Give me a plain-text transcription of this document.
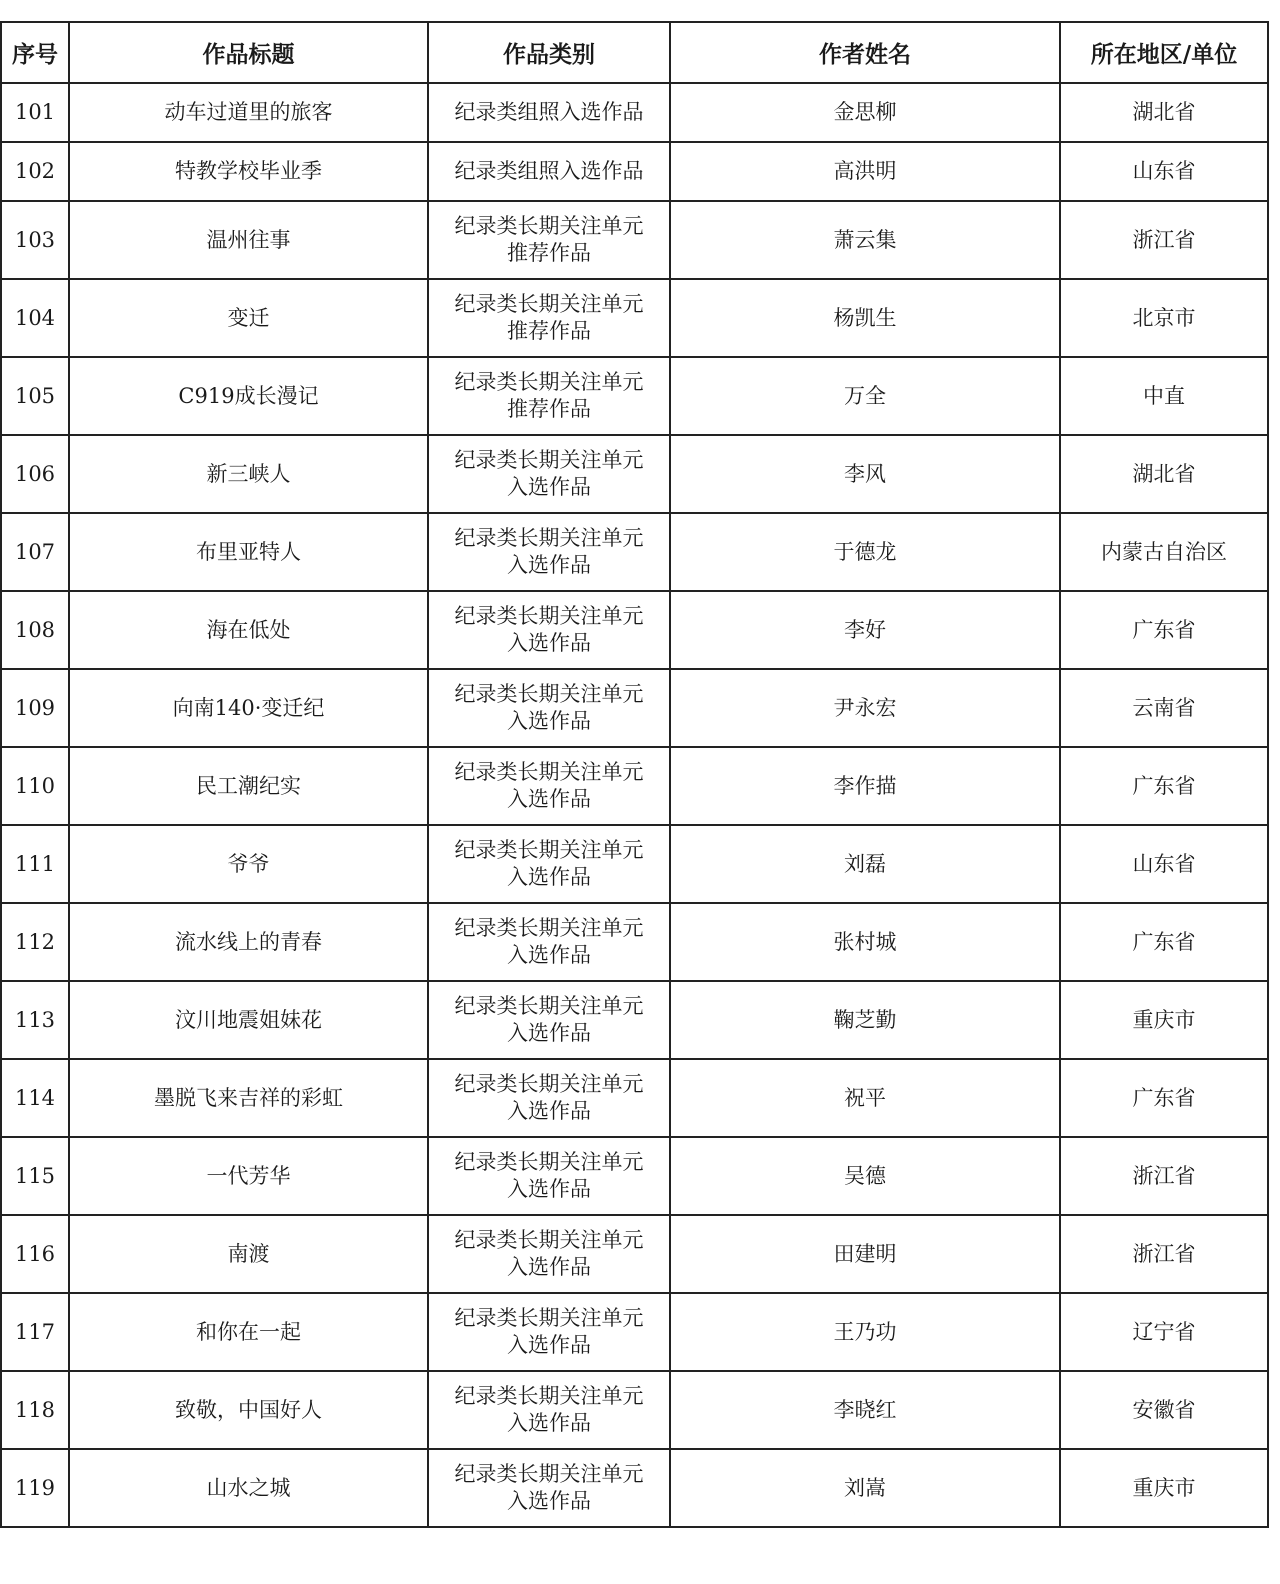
序号	作品标题	作品类别	作者姓名	所在地区/单位
101	动车过道里的旅客	纪录类组照入选作品	金思柳	湖北省
102	特教学校毕业季	纪录类组照入选作品	高洪明	山东省
103	温州往事	纪录类长期关注单元
推荐作品	萧云集	浙江省
104	变迁	纪录类长期关注单元
推荐作品	杨凯生	北京市
105	C919成长漫记	纪录类长期关注单元
推荐作品	万全	中直
106	新三峡人	纪录类长期关注单元
入选作品	李风	湖北省
107	布里亚特人	纪录类长期关注单元
入选作品	于德龙	内蒙古自治区
108	海在低处	纪录类长期关注单元
入选作品	李好	广东省
109	向南140·变迁纪	纪录类长期关注单元
入选作品	尹永宏	云南省
110	民工潮纪实	纪录类长期关注单元
入选作品	李作描	广东省
111	爷爷	纪录类长期关注单元
入选作品	刘磊	山东省
112	流水线上的青春	纪录类长期关注单元
入选作品	张村城	广东省
113	汶川地震姐妹花	纪录类长期关注单元
入选作品	鞠芝勤	重庆市
114	墨脱飞来吉祥的彩虹	纪录类长期关注单元
入选作品	祝平	广东省
115	一代芳华	纪录类长期关注单元
入选作品	吴德	浙江省
116	南渡	纪录类长期关注单元
入选作品	田建明	浙江省
117	和你在一起	纪录类长期关注单元
入选作品	王乃功	辽宁省
118	致敬，中国好人	纪录类长期关注单元
入选作品	李晓红	安徽省
119	山水之城	纪录类长期关注单元
入选作品	刘嵩	重庆市
